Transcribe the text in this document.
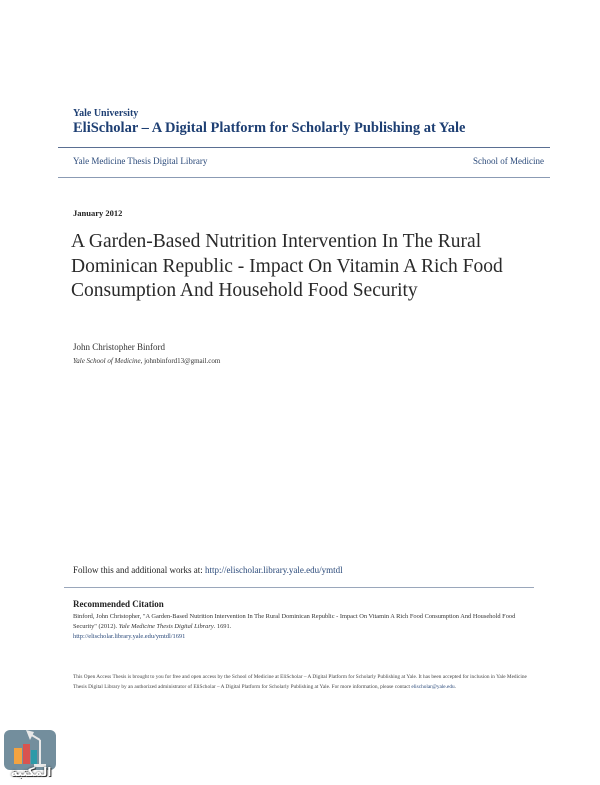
Yale University
EliScholar – A Digital Platform for Scholarly Publishing at Yale
Yale Medicine Thesis Digital Library	School of Medicine
January 2012
A Garden-Based Nutrition Intervention In The Rural Dominican Republic - Impact On Vitamin A Rich Food Consumption And Household Food Security
John Christopher Binford
Yale School of Medicine, johnbinford13@gmail.com
Follow this and additional works at: http://elischolar.library.yale.edu/ymtdl
Recommended Citation
Binford, John Christopher, "A Garden-Based Nutrition Intervention In The Rural Dominican Republic - Impact On Vitamin A Rich Food Consumption And Household Food Security" (2012). Yale Medicine Thesis Digital Library. 1691.
http://elischolar.library.yale.edu/ymtdl/1691
This Open Access Thesis is brought to you for free and open access by the School of Medicine at EliScholar – A Digital Platform for Scholarly Publishing at Yale. It has been accepted for inclusion in Yale Medicine Thesis Digital Library by an authorized administrator of EliScholar – A Digital Platform for Scholarly Publishing at Yale. For more information, please contact elischolar@yale.edu.
المكتبة
